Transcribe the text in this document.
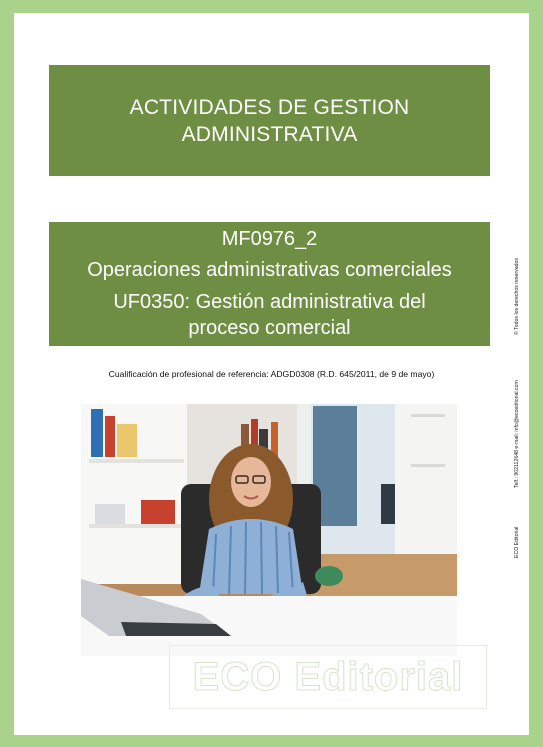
ACTIVIDADES DE GESTION ADMINISTRATIVA
MF0976_2
Operaciones administrativas comerciales
UF0350: Gestión administrativa del proceso comercial
Cualificación de profesional de referencia: ADGD0308 (R.D. 645/2011, de 9 de mayo)
ECO Editorial
© Todos los derechos reservados
Telf.: 902112648 e-mail: info@ecoeditorial.com
ECO Editorial
